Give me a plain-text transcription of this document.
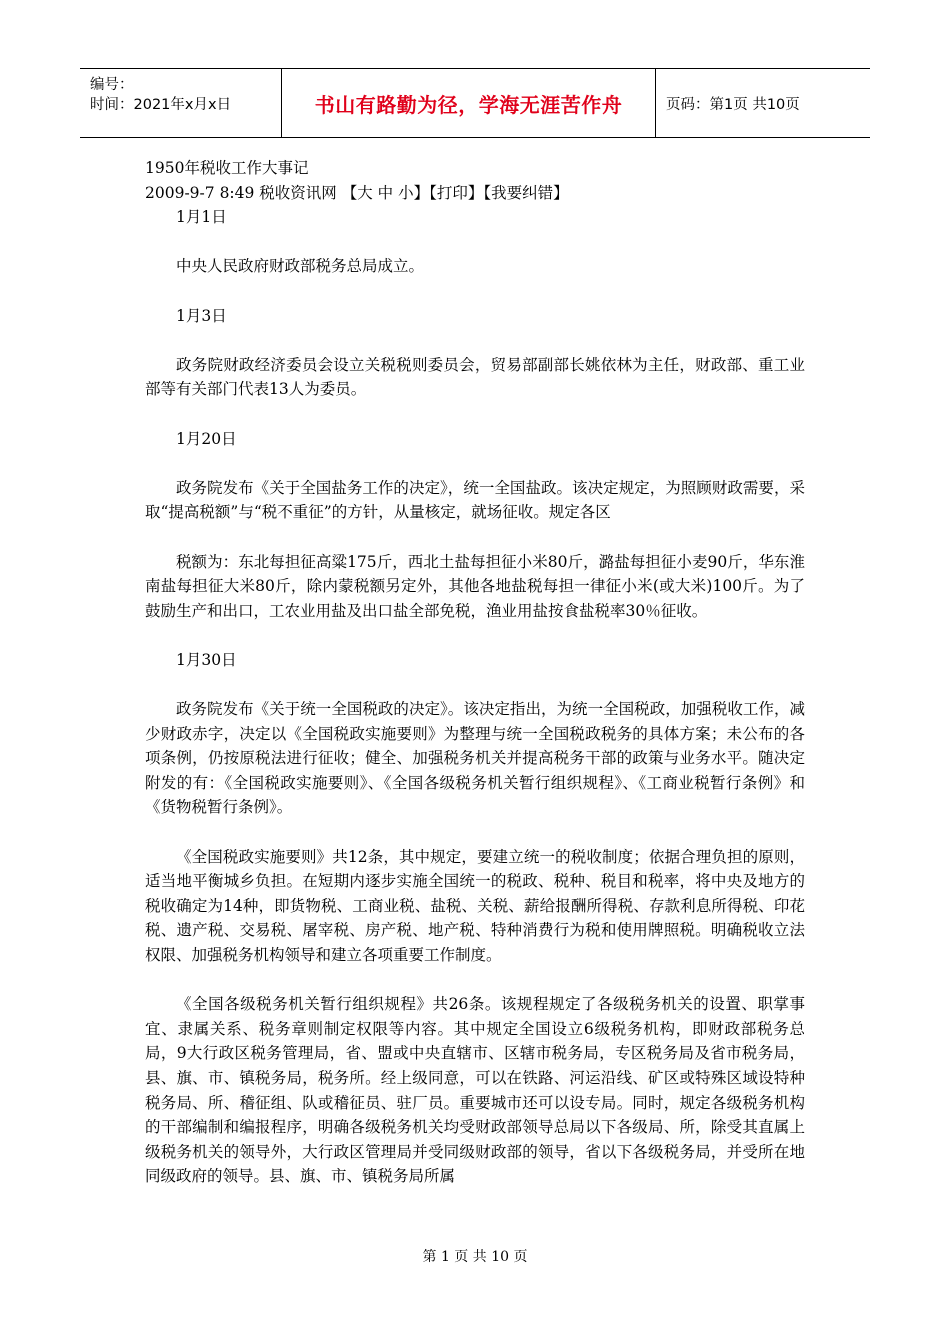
编号：
时间：2021年x月x日	书山有路勤为径，学海无涯苦作舟	页码：第1页 共10页

1950年税收工作大事记

2009-9-7 8:49 税收资讯网 【大 中 小】【打印】【我要纠错】

1月1日

中央人民政府财政部税务总局成立。

1月3日

政务院财政经济委员会设立关税税则委员会，贸易部副部长姚依林为主任，财政部、重工业部等有关部门代表13人为委员。

1月20日

政务院发布《关于全国盐务工作的决定》，统一全国盐政。该决定规定，为照顾财政需要，采取“提高税额”与“税不重征”的方针，从量核定，就场征收。规定各区

税额为：东北每担征高粱175斤，西北土盐每担征小米80斤，潞盐每担征小麦90斤，华东淮南盐每担征大米80斤，除内蒙税额另定外，其他各地盐税每担一律征小米(或大米)100斤。为了鼓励生产和出口，工农业用盐及出口盐全部免税，渔业用盐按食盐税率30％征收。

1月30日

政务院发布《关于统一全国税政的决定》。该决定指出，为统一全国税政，加强税收工作，减少财政赤字，决定以《全国税政实施要则》为整理与统一全国税政税务的具体方案；未公布的各项条例，仍按原税法进行征收；健全、加强税务机关并提高税务干部的政策与业务水平。随决定附发的有：《全国税政实施要则》、《全国各级税务机关暂行组织规程》、《工商业税暂行条例》和《货物税暂行条例》。

《全国税政实施要则》共12条，其中规定，要建立统一的税收制度；依据合理负担的原则，适当地平衡城乡负担。在短期内逐步实施全国统一的税政、税种、税目和税率，将中央及地方的税收确定为14种，即货物税、工商业税、盐税、关税、薪给报酬所得税、存款利息所得税、印花税、遗产税、交易税、屠宰税、房产税、地产税、特种消费行为税和使用牌照税。明确税收立法权限、加强税务机构领导和建立各项重要工作制度。

《全国各级税务机关暂行组织规程》共26条。该规程规定了各级税务机关的设置、职掌事宜、隶属关系、税务章则制定权限等内容。其中规定全国设立6级税务机构，即财政部税务总局，9大行政区税务管理局，省、盟或中央直辖市、区辖市税务局，专区税务局及省市税务局，县、旗、市、镇税务局，税务所。经上级同意，可以在铁路、河运沿线、矿区或特殊区域设特种税务局、所、稽征组、队或稽征员、驻厂员。重要城市还可以设专局。同时，规定各级税务机构的干部编制和编报程序，明确各级税务机关均受财政部领导总局以下各级局、所，除受其直属上级税务机关的领导外，大行政区管理局并受同级财政部的领导，省以下各级税务局，并受所在地同级政府的领导。县、旗、市、镇税务局所属

第 1 页 共 10 页
